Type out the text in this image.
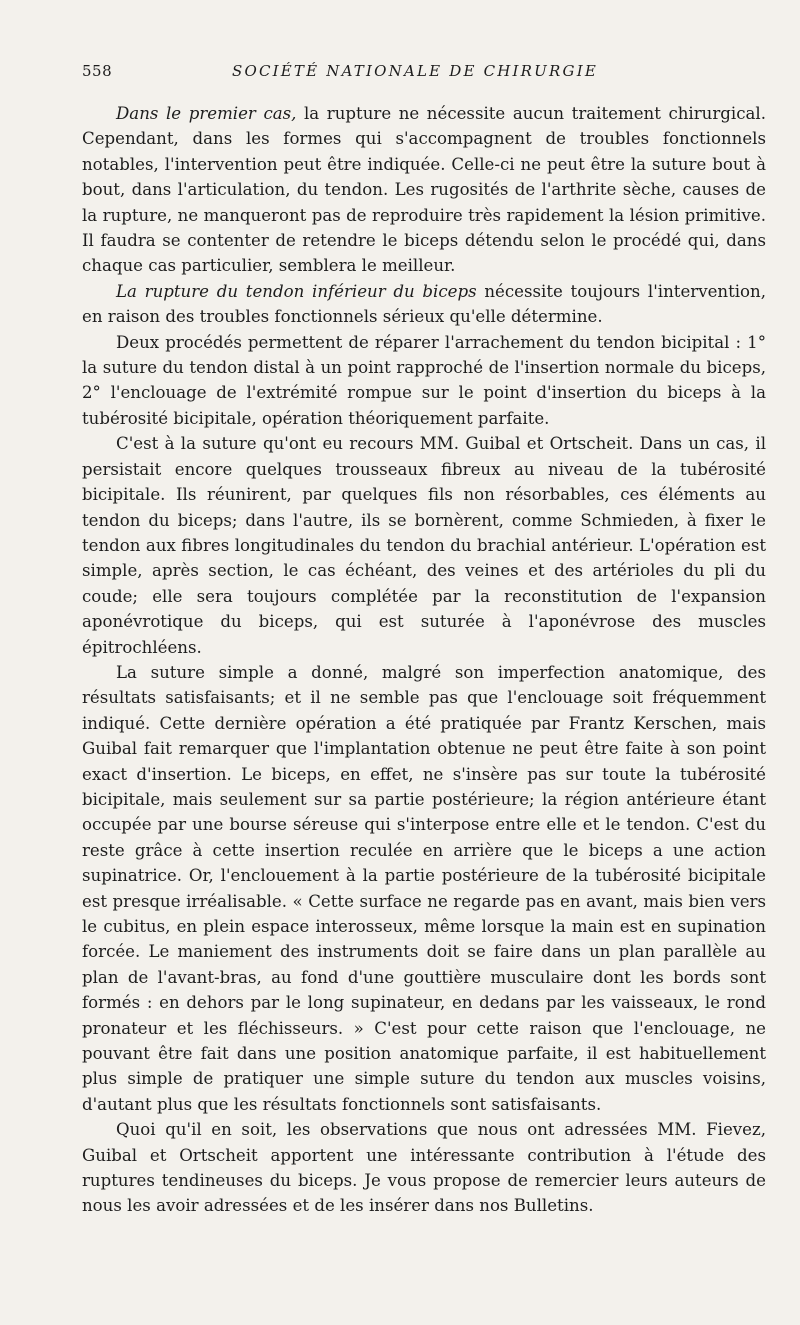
558	SOCIÉTÉ NATIONALE DE CHIRURGIE

Dans le premier cas, la rupture ne nécessite aucun traitement chirurgical. Cependant, dans les formes qui s'accompagnent de troubles fonctionnels notables, l'intervention peut être indiquée. Celle-ci ne peut être la suture bout à bout, dans l'articulation, du tendon. Les rugosités de l'arthrite sèche, causes de la rupture, ne manqueront pas de reproduire très rapidement la lésion primitive. Il faudra se contenter de retendre le biceps détendu selon le procédé qui, dans chaque cas particulier, semblera le meilleur.

La rupture du tendon inférieur du biceps nécessite toujours l'intervention, en raison des troubles fonctionnels sérieux qu'elle détermine.

Deux procédés permettent de réparer l'arrachement du tendon bicipital : 1° la suture du tendon distal à un point rapproché de l'insertion normale du biceps, 2° l'enclouage de l'extrémité rompue sur le point d'insertion du biceps à la tubérosité bicipitale, opération théoriquement parfaite.

C'est à la suture qu'ont eu recours MM. Guibal et Ortscheit. Dans un cas, il persistait encore quelques trousseaux fibreux au niveau de la tubérosité bicipitale. Ils réunirent, par quelques fils non résorbables, ces éléments au tendon du biceps; dans l'autre, ils se bornèrent, comme Schmieden, à fixer le tendon aux fibres longitudinales du tendon du brachial antérieur. L'opération est simple, après section, le cas échéant, des veines et des artérioles du pli du coude; elle sera toujours complétée par la reconstitution de l'expansion aponévrotique du biceps, qui est suturée à l'aponévrose des muscles épitrochléens.

La suture simple a donné, malgré son imperfection anatomique, des résultats satisfaisants; et il ne semble pas que l'enclouage soit fréquemment indiqué. Cette dernière opération a été pratiquée par Frantz Kerschen, mais Guibal fait remarquer que l'implantation obtenue ne peut être faite à son point exact d'insertion. Le biceps, en effet, ne s'insère pas sur toute la tubérosité bicipitale, mais seulement sur sa partie postérieure; la région antérieure étant occupée par une bourse séreuse qui s'interpose entre elle et le tendon. C'est du reste grâce à cette insertion reculée en arrière que le biceps a une action supinatrice. Or, l'enclouement à la partie postérieure de la tubérosité bicipitale est presque irréalisable. « Cette surface ne regarde pas en avant, mais bien vers le cubitus, en plein espace interosseux, même lorsque la main est en supination forcée. Le maniement des instruments doit se faire dans un plan parallèle au plan de l'avant-bras, au fond d'une gouttière musculaire dont les bords sont formés : en dehors par le long supinateur, en dedans par les vaisseaux, le rond pronateur et les fléchisseurs. » C'est pour cette raison que l'enclouage, ne pouvant être fait dans une position anatomique parfaite, il est habituellement plus simple de pratiquer une simple suture du tendon aux muscles voisins, d'autant plus que les résultats fonctionnels sont satisfaisants.

Quoi qu'il en soit, les observations que nous ont adressées MM. Fievez, Guibal et Ortscheit apportent une intéressante contribution à l'étude des ruptures tendineuses du biceps. Je vous propose de remercier leurs auteurs de nous les avoir adressées et de les insérer dans nos Bulletins.
